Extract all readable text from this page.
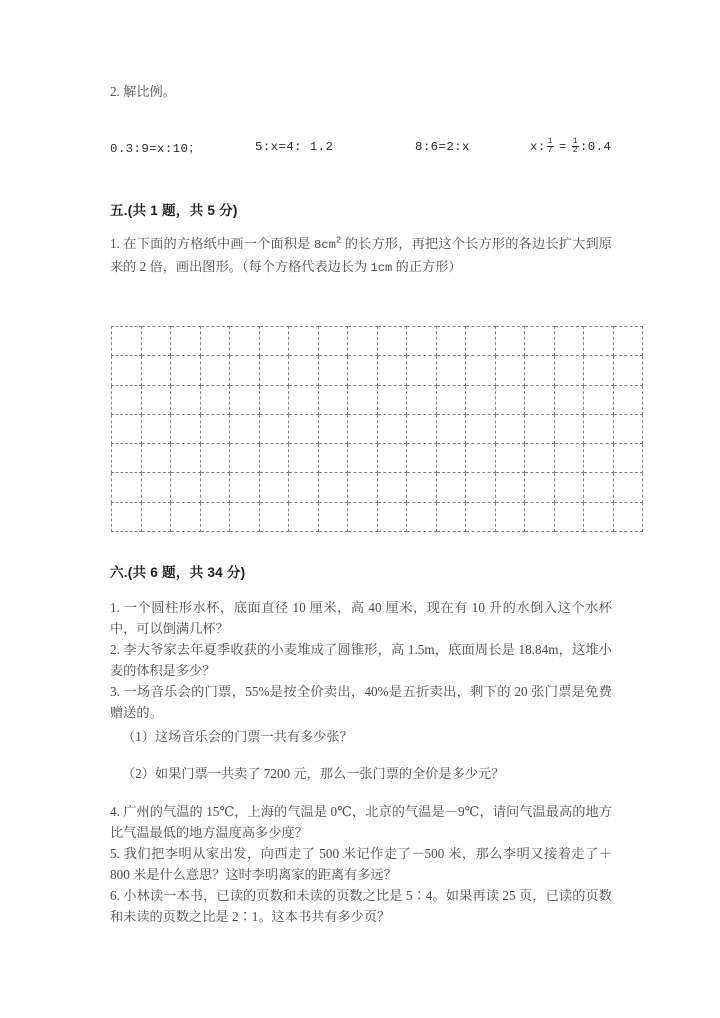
2. 解比例。

0.3:9=x:10；	5:x=4: 1.2	8:6=2:x	x: $\frac{1}{7} = \frac{1}{2}$ :0.4

五.(共 1 题，共 5 分)

1. 在下面的方格纸中画一个面积是 $8cm^2$ 的长方形，再把这个长方形的各边长扩大到原来的 2 倍，画出图形。（每个方格代表边长为 1cm 的正方形）

六.(共 6 题，共 34 分)

1. 一个圆柱形水杯，底面直径 10 厘米，高 40 厘米，现在有 10 升的水倒入这个水杯中，可以倒满几杯？

2. 李大爷家去年夏季收获的小麦堆成了圆锥形，高 1.5m，底面周长是 18.84m，这堆小麦的体积是多少？

3. 一场音乐会的门票，55%是按全价卖出，40%是五折卖出，剩下的 20 张门票是免费赠送的。

（1）这场音乐会的门票一共有多少张？

（2）如果门票一共卖了 7200 元，那么一张门票的全价是多少元？

4. 广州的气温的 15℃，上海的气温是 0℃，北京的气温是－9℃，请问气温最高的地方比气温最低的地方温度高多少度？

5. 我们把李明从家出发，向西走了 500 米记作走了－500 米，那么李明又接着走了＋800 米是什么意思？这时李明离家的距离有多远？

6. 小林读一本书，已读的页数和未读的页数之比是 5∶4。如果再读 25 页，已读的页数和未读的页数之比是 2∶1。这本书共有多少页？
